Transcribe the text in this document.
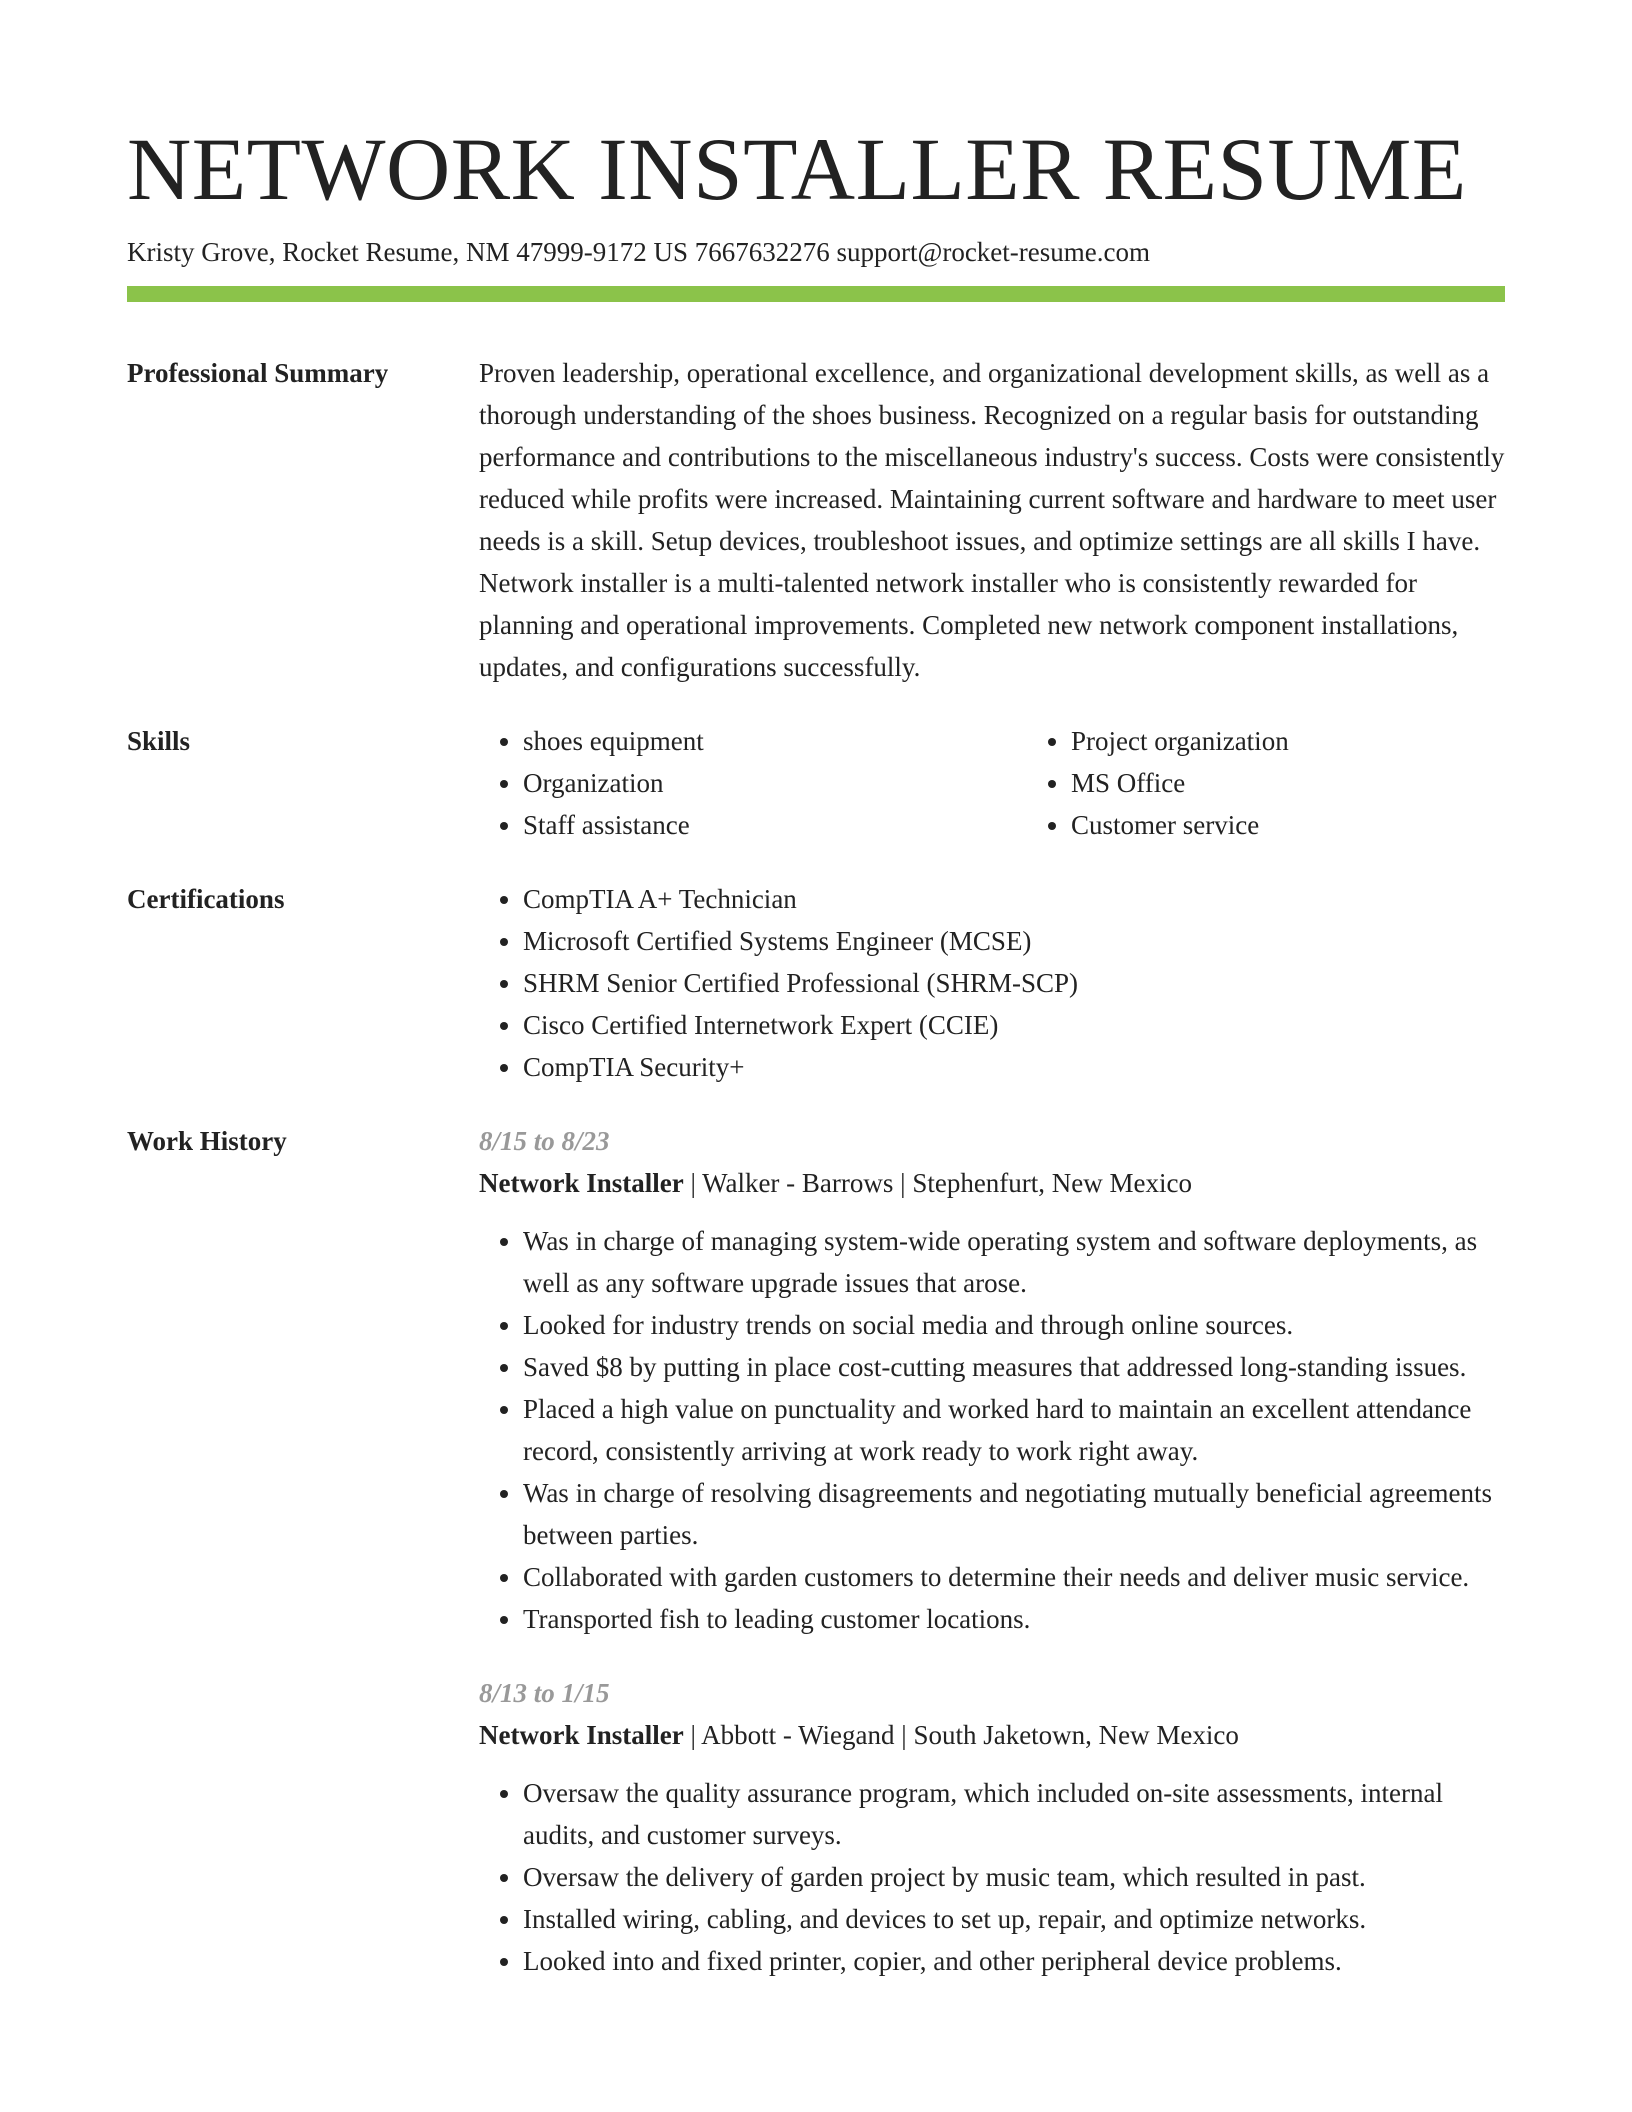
NETWORK INSTALLER RESUME
Kristy Grove, Rocket Resume, NM 47999-9172 US 7667632276 support@rocket-resume.com
Professional Summary	Proven leadership, operational excellence, and organizational development skills, as well as a thorough understanding of the shoes business. Recognized on a regular basis for outstanding performance and contributions to the miscellaneous industry's success. Costs were consistently reduced while profits were increased. Maintaining current software and hardware to meet user needs is a skill. Setup devices, troubleshoot issues, and optimize settings are all skills I have. Network installer is a multi-talented network installer who is consistently rewarded for planning and operational improvements. Completed new network component installations, updates, and configurations successfully.

Skills	• shoes equipment
• Organization
• Staff assistance
• Project organization
• MS Office
• Customer service
Certifications	• CompTIA A+ Technician
• Microsoft Certified Systems Engineer (MCSE)
• SHRM Senior Certified Professional (SHRM-SCP)
• Cisco Certified Internetwork Expert (CCIE)
• CompTIA Security+
Work History	8/15 to 8/23
Network Installer | Walker - Barrows | Stephenfurt, New Mexico
• Was in charge of managing system-wide operating system and software deployments, as well as any software upgrade issues that arose.
• Looked for industry trends on social media and through online sources.
• Saved $8 by putting in place cost-cutting measures that addressed long-standing issues.
• Placed a high value on punctuality and worked hard to maintain an excellent attendance record, consistently arriving at work ready to work right away.
• Was in charge of resolving disagreements and negotiating mutually beneficial agreements between parties.
• Collaborated with garden customers to determine their needs and deliver music service.
• Transported fish to leading customer locations.
8/13 to 1/15
Network Installer | Abbott - Wiegand | South Jaketown, New Mexico
• Oversaw the quality assurance program, which included on-site assessments, internal audits, and customer surveys.
• Oversaw the delivery of garden project by music team, which resulted in past.
• Installed wiring, cabling, and devices to set up, repair, and optimize networks.
• Looked into and fixed printer, copier, and other peripheral device problems.
